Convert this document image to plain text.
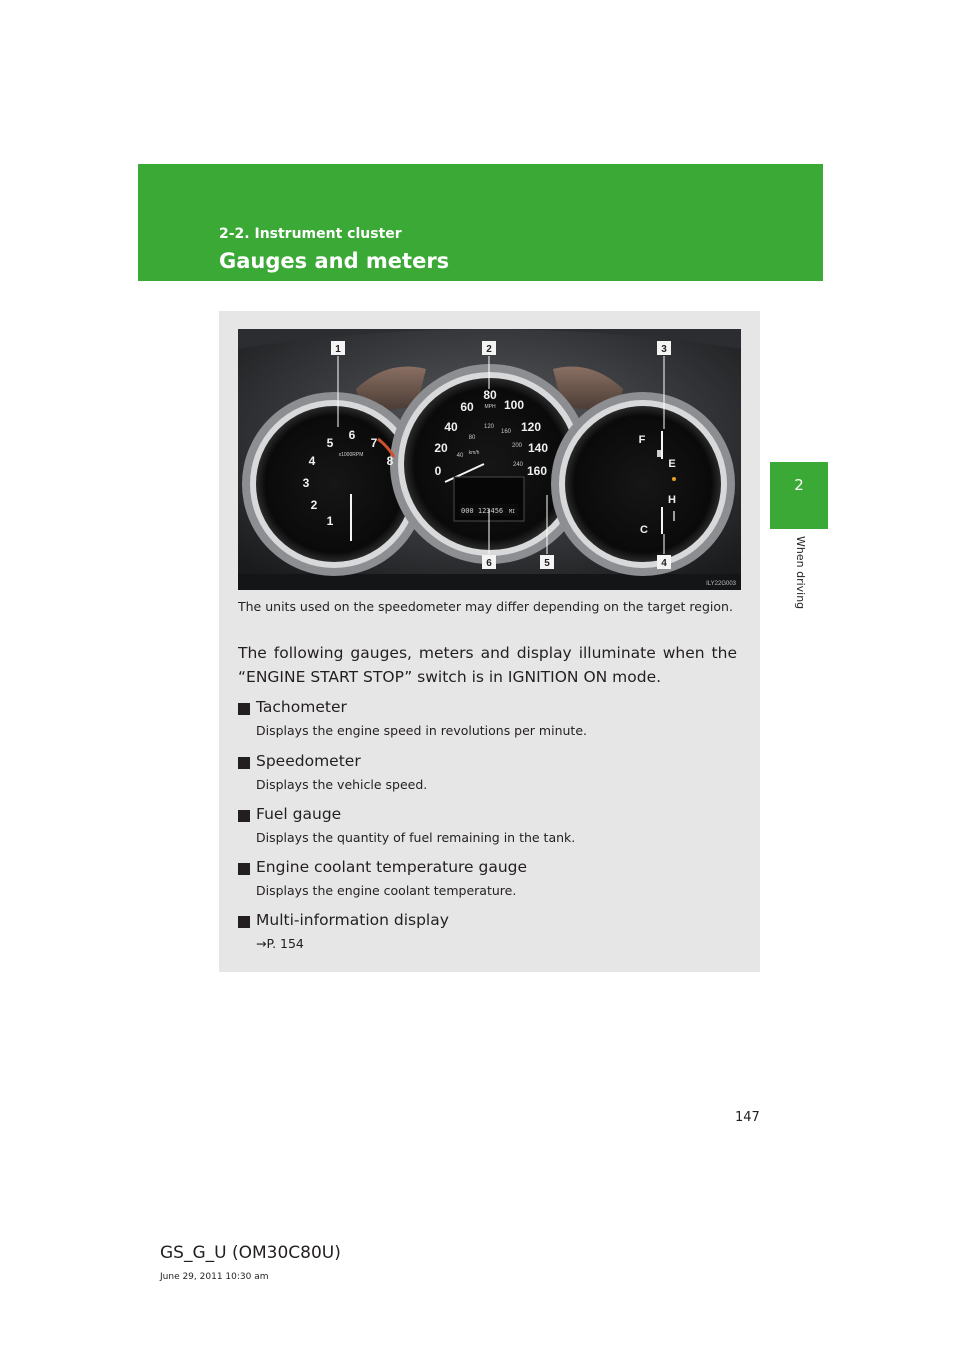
2-2. Instrument cluster
Gauges and meters
2
When driving
1
2
3
4
5
6
7
8
x1000RPM
0
20
40
60
80
100
120
140
160
MPH
40
80
120
160
200
240
km/h
000 123456 MI
F
E
H
C
1	2	3
4
5
6
ILY22G003

The units used on the speedometer may differ depending on the target region.

The following gauges, meters and display illuminate when the “ENGINE START STOP” switch is in IGNITION ON mode.

Tachometer
Displays the engine speed in revolutions per minute.
Speedometer
Displays the vehicle speed.
Fuel gauge
Displays the quantity of fuel remaining in the tank.
Engine coolant temperature gauge
Displays the engine coolant temperature.
Multi-information display
→P. 154
147
GS_G_U (OM30C80U)
June 29, 2011 10:30 am
